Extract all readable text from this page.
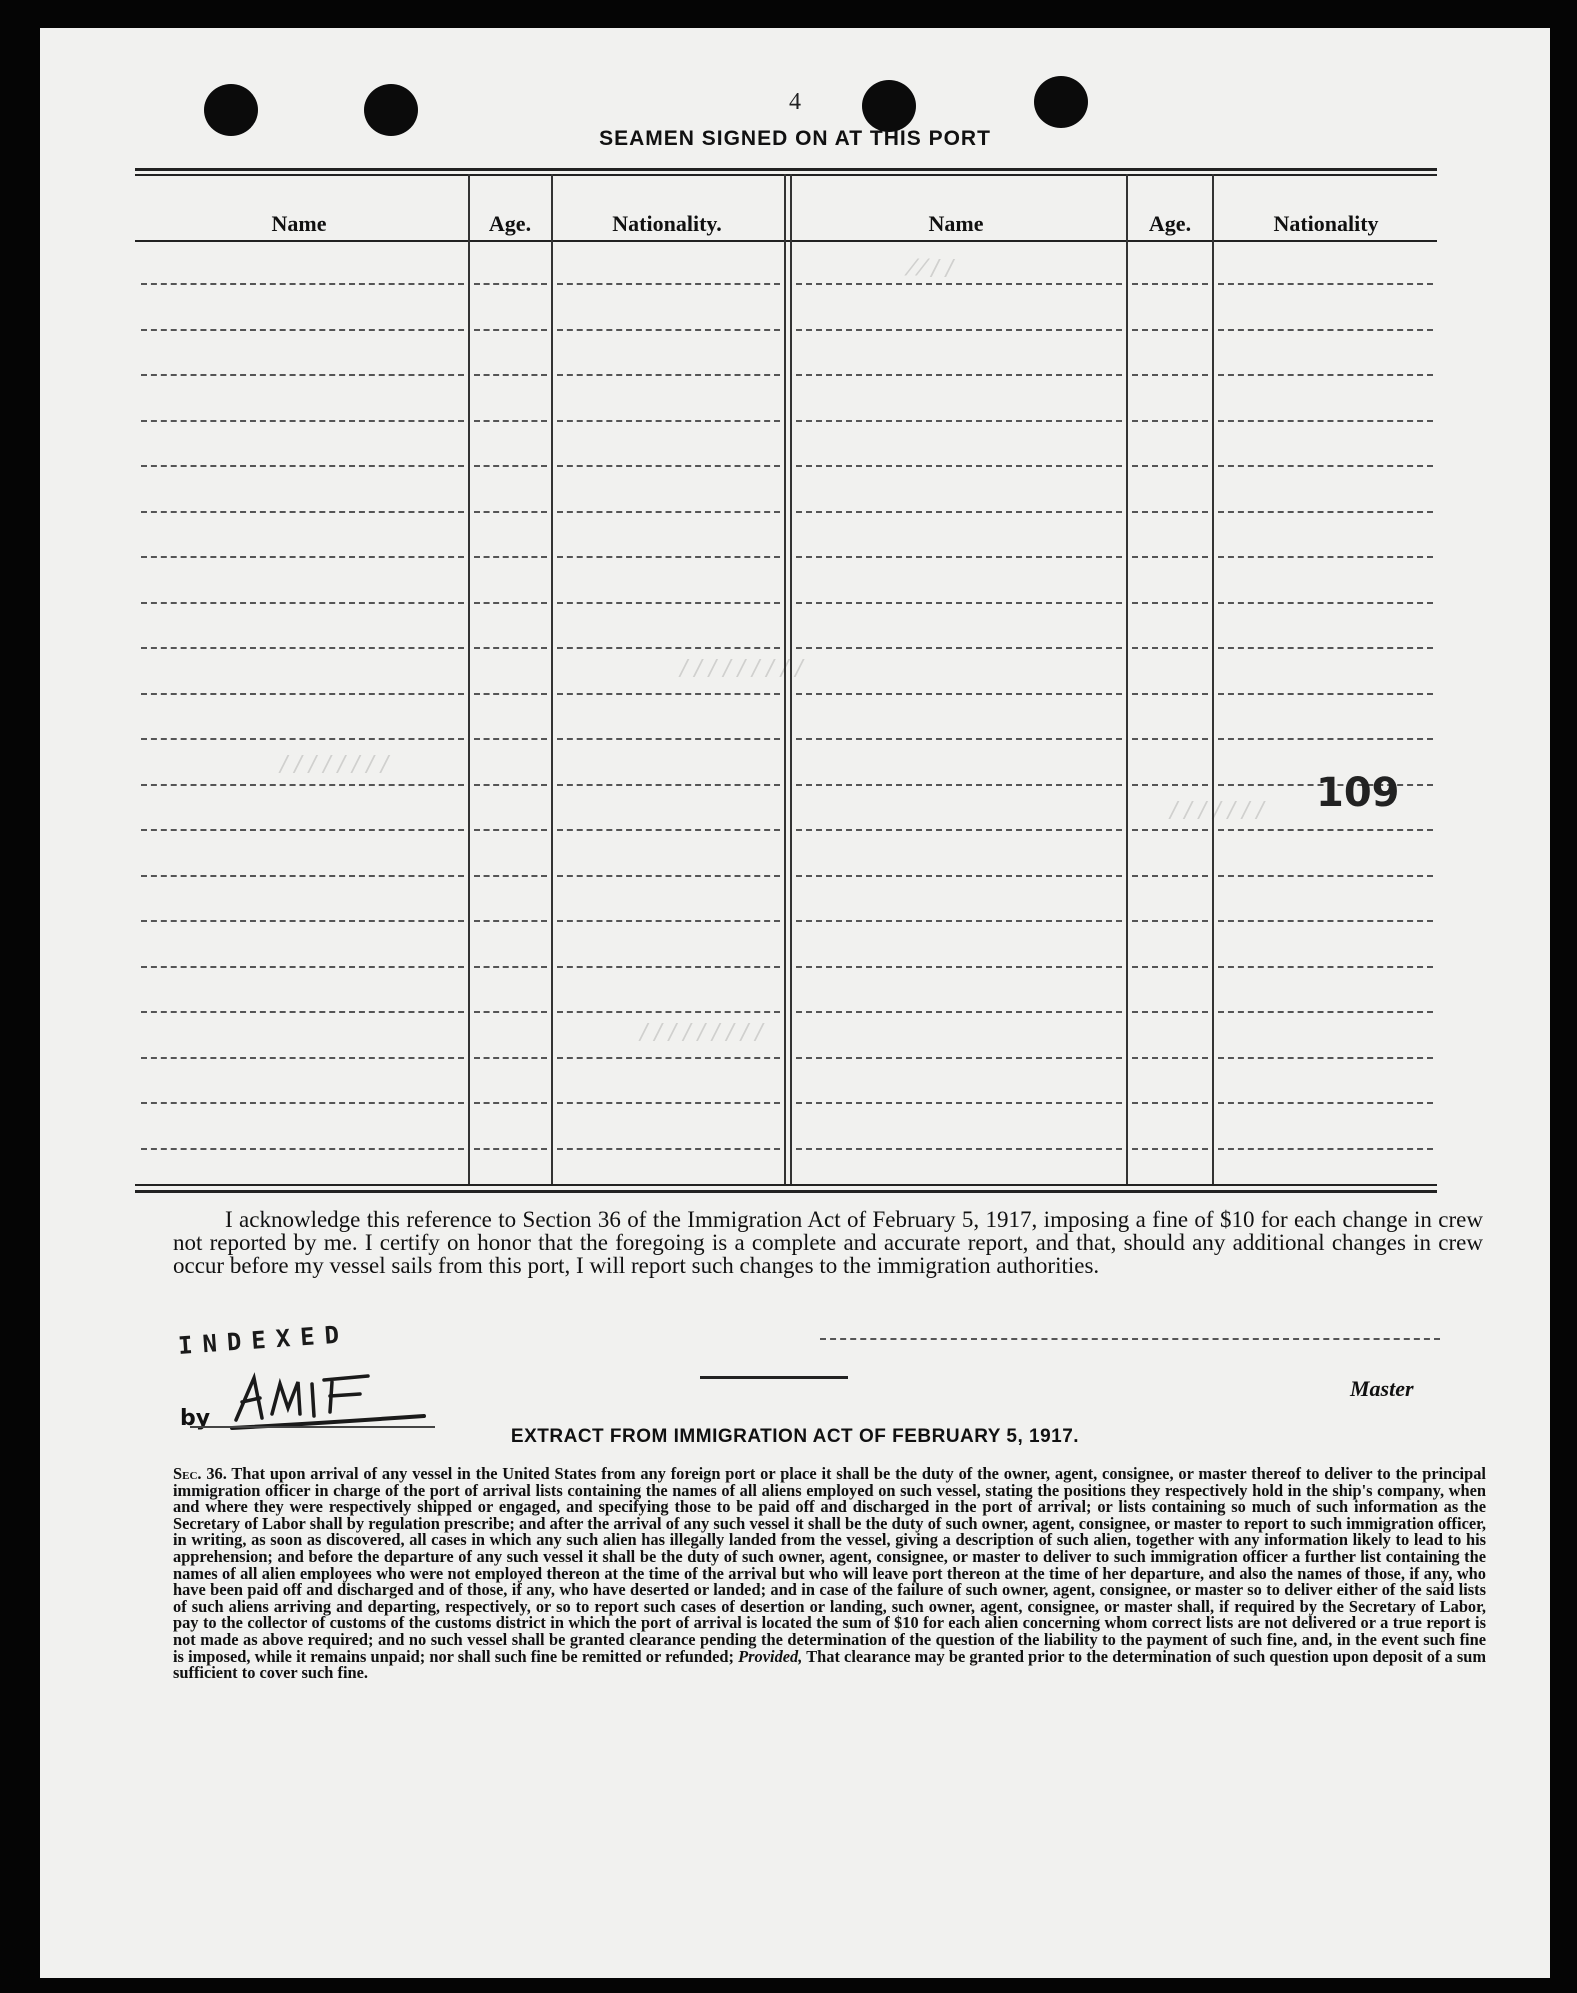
4
SEAMEN SIGNED ON AT THIS PORT
Name	Age.	Nationality.	Name	Age.	Nationality
⁄ ⁄ ∕ ∕
∕ ∕ ∕ ∕ ∕ ∕ ∕ ∕ ∕
∕ ∕ ∕ ∕ ∕ ∕ ∕ ∕
∕ ∕ ∕ ∕ ∕ ∕ ∕
∕ ∕ ∕ ∕ ∕ ∕ ∕ ∕ ∕
109
I acknowledge this reference to Section 36 of the Immigration Act of February 5, 1917, imposing a fine of $10 for each change in crew not reported by me. I certify on honor that the foregoing is a complete and accurate report, and that, should any additional changes in crew occur before my vessel sails from this port, I will report such changes to the immigration authorities.
INDEXED
by
Master
EXTRACT FROM IMMIGRATION ACT OF FEBRUARY 5, 1917.
Sec. 36. That upon arrival of any vessel in the United States from any foreign port or place it shall be the duty of the owner, agent, consignee, or master thereof to deliver to the principal immigration officer in charge of the port of arrival lists containing the names of all aliens employed on such vessel, stating the positions they respectively hold in the ship's company, when and where they were respectively shipped or engaged, and specifying those to be paid off and discharged in the port of arrival; or lists containing so much of such information as the Secretary of Labor shall by regulation prescribe; and after the arrival of any such vessel it shall be the duty of such owner, agent, consignee, or master to report to such immigration officer, in writing, as soon as discovered, all cases in which any such alien has illegally landed from the vessel, giving a description of such alien, together with any information likely to lead to his apprehension; and before the departure of any such vessel it shall be the duty of such owner, agent, consignee, or master to deliver to such immigration officer a further list containing the names of all alien employees who were not employed thereon at the time of the arrival but who will leave port thereon at the time of her departure, and also the names of those, if any, who have been paid off and discharged and of those, if any, who have deserted or landed; and in case of the failure of such owner, agent, consignee, or master so to deliver either of the said lists of such aliens arriving and departing, respectively, or so to report such cases of desertion or landing, such owner, agent, consignee, or master shall, if required by the Secretary of Labor, pay to the collector of customs of the customs district in which the port of arrival is located the sum of $10 for each alien concerning whom correct lists are not delivered or a true report is not made as above required; and no such vessel shall be granted clearance pending the determination of the question of the liability to the payment of such fine, and, in the event such fine is imposed, while it remains unpaid; nor shall such fine be remitted or refunded; Provided, That clearance may be granted prior to the determination of such question upon deposit of a sum sufficient to cover such fine.
